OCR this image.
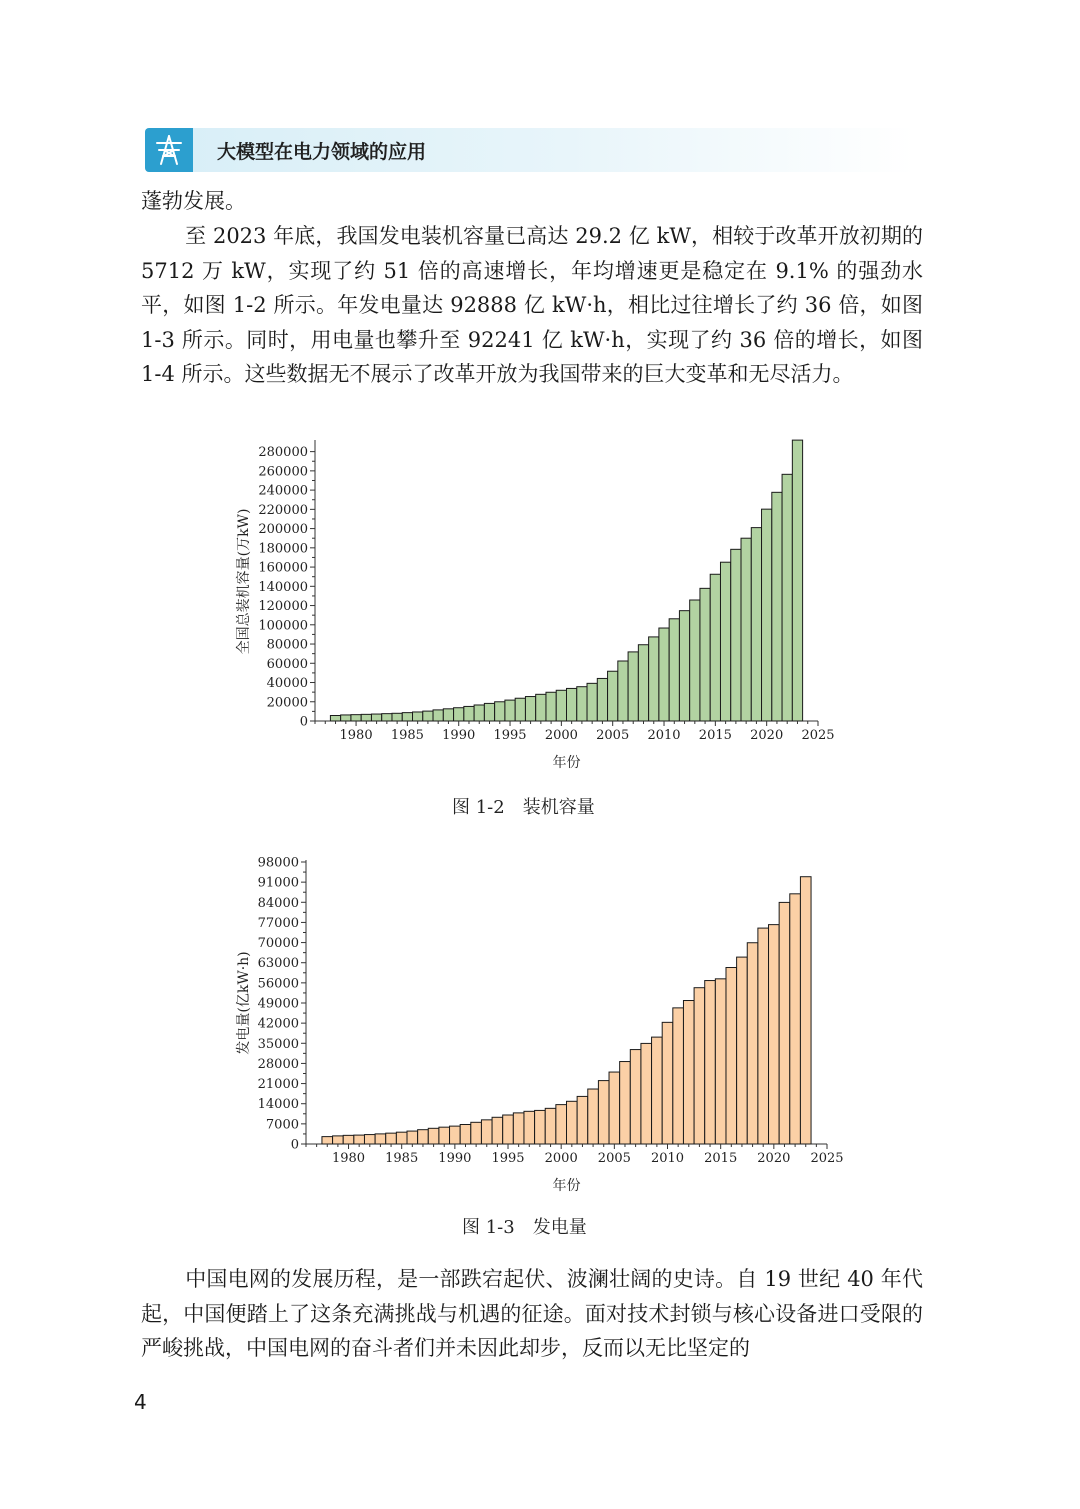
大模型在电力领域的应用

蓬勃发展。

至 2023 年底，我国发电装机容量已高达 29.2 亿 kW，相较于改革开放初期的 5712 万 kW，实现了约 51 倍的高速增长，年均增速更是稳定在 9.1% 的强劲水平，如图 1-2 所示。年发电量达 92888 亿 kW·h，相比过往增长了约 36 倍，如图 1-3 所示。同时，用电量也攀升至 92241 亿 kW·h，实现了约 36 倍的增长，如图 1-4 所示。这些数据无不展示了改革开放为我国带来的巨大变革和无尽活力。

0
20000
40000
60000
80000
100000
120000
140000
160000
180000
200000
220000
240000
260000
280000
1980 1985 1990 1995 2000 2005 2010 2015 2020 2025
年份
全国总装机容量(万kW)
图 1-2　装机容量
0
7000
14000
21000
28000
35000
42000
49000
56000
63000
70000
77000
84000
91000
98000
1980 1985 1990 1995 2000 2005 2010 2015 2020 2025
年份
发电量(亿kW·h)
图 1-3　发电量

中国电网的发展历程，是一部跌宕起伏、波澜壮阔的史诗。自 19 世纪 40 年代起，中国便踏上了这条充满挑战与机遇的征途。面对技术封锁与核心设备进口受限的严峻挑战，中国电网的奋斗者们并未因此却步，反而以无比坚定的

4
